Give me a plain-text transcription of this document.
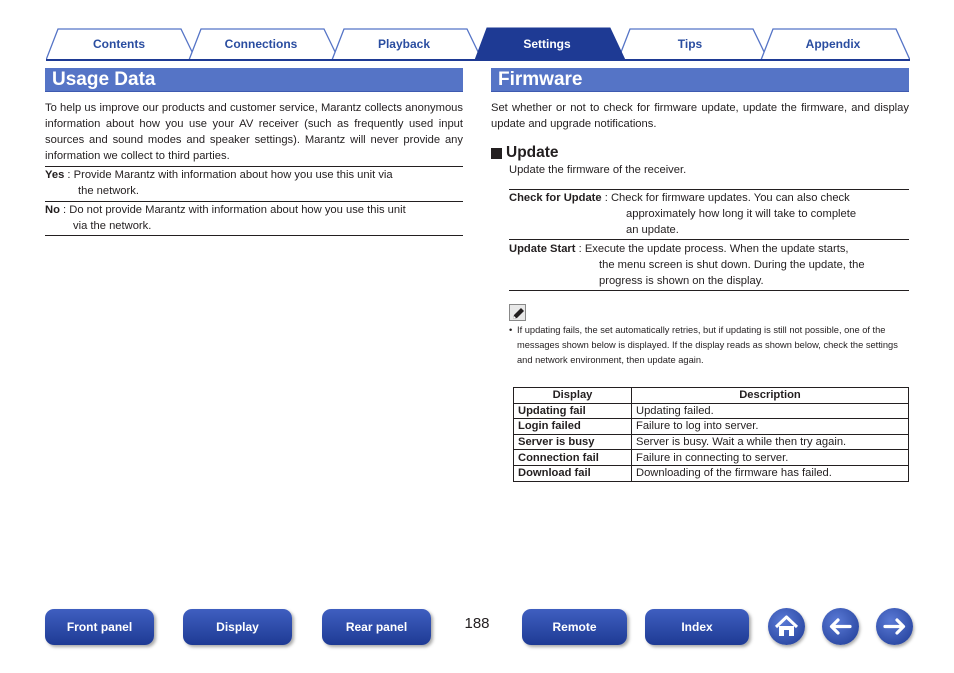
Contents	Connections	Playback	Settings	Tips	Appendix
Usage Data
To help us improve our products and customer service, Marantz collects anonymous information about how you use your AV receiver (such as frequently used input sources and sound modes and speaker settings). Marantz will never provide any information we collect to third parties.
Yes : Provide Marantz with information about how you use this unit via
the network.
No : Do not provide Marantz with information about how you use this unit
via the network.
Firmware
Set whether or not to check for firmware update, update the firmware, and display update and upgrade notifications.
Update
Update the firmware of the receiver.
Check for Update : Check for firmware updates. You can also check
approximately how long it will take to complete
an update.
Update Start : Execute the update process. When the update starts,
the menu screen is shut down. During the update, the
progress is shown on the display.
• If updating fails, the set automatically retries, but if updating is still not possible, one of the messages shown below is displayed. If the display reads as shown below, check the settings and network environment, then update again.
Display	Description
Updating fail	Updating failed.
Login failed	Failure to log into server.
Server is busy	Server is busy. Wait a while then try again.
Connection fail	Failure in connecting to server.
Download fail	Downloading of the firmware has failed.
Front panel	Display	Rear panel	188	Remote	Index
